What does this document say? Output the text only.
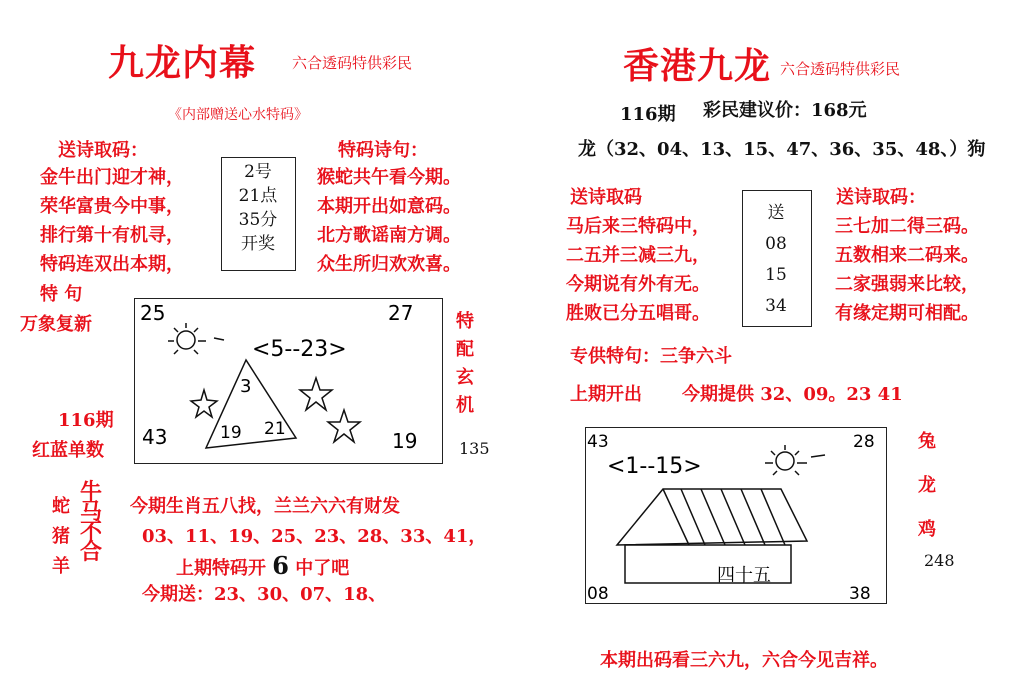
九龙内幕 六合透码特供彩民
《内部赠送心水特码》
送诗取码：
金牛出门迎才神，
荣华富贵今中事，
排行第十有机寻，
特码连双出本期，
2号
21点
35分
开奖
特码诗句：
猴蛇共午看今期。
本期开出如意码。
北方歌谣南方调。
众生所归欢欢喜。
特 句
万象复新
116期
红蓝单数
特
配
玄
机
135
25	27
43	19
<5--23>
3
19 21
蛇
猪
羊
牛
马
不
合
今期生肖五八找，兰兰六六有财发
03、11、19、25、23、28、33、41，
上期特码开 6 中了吧
今期送：23、30、07、18、
香港九龙 六合透码特供彩民
116期 彩民建议价：168元
龙（32、04、13、15、47、36、35、48、）狗
送诗取码
马后来三特码中，
二五并三减三九，
今期说有外有无。
胜败已分五唱哥。
送
08
15
34
送诗取码：
三七加二得三码。
五数相来二码来。
二家强弱来比较，
有缘定期可相配。
专供特句：三争六斗
上期开出 今期提供 32、09。23 41
兔
龙
鸡
248
43	28
08	38
<1--15>
四十五
本期出码看三六九，六合今见吉祥。
